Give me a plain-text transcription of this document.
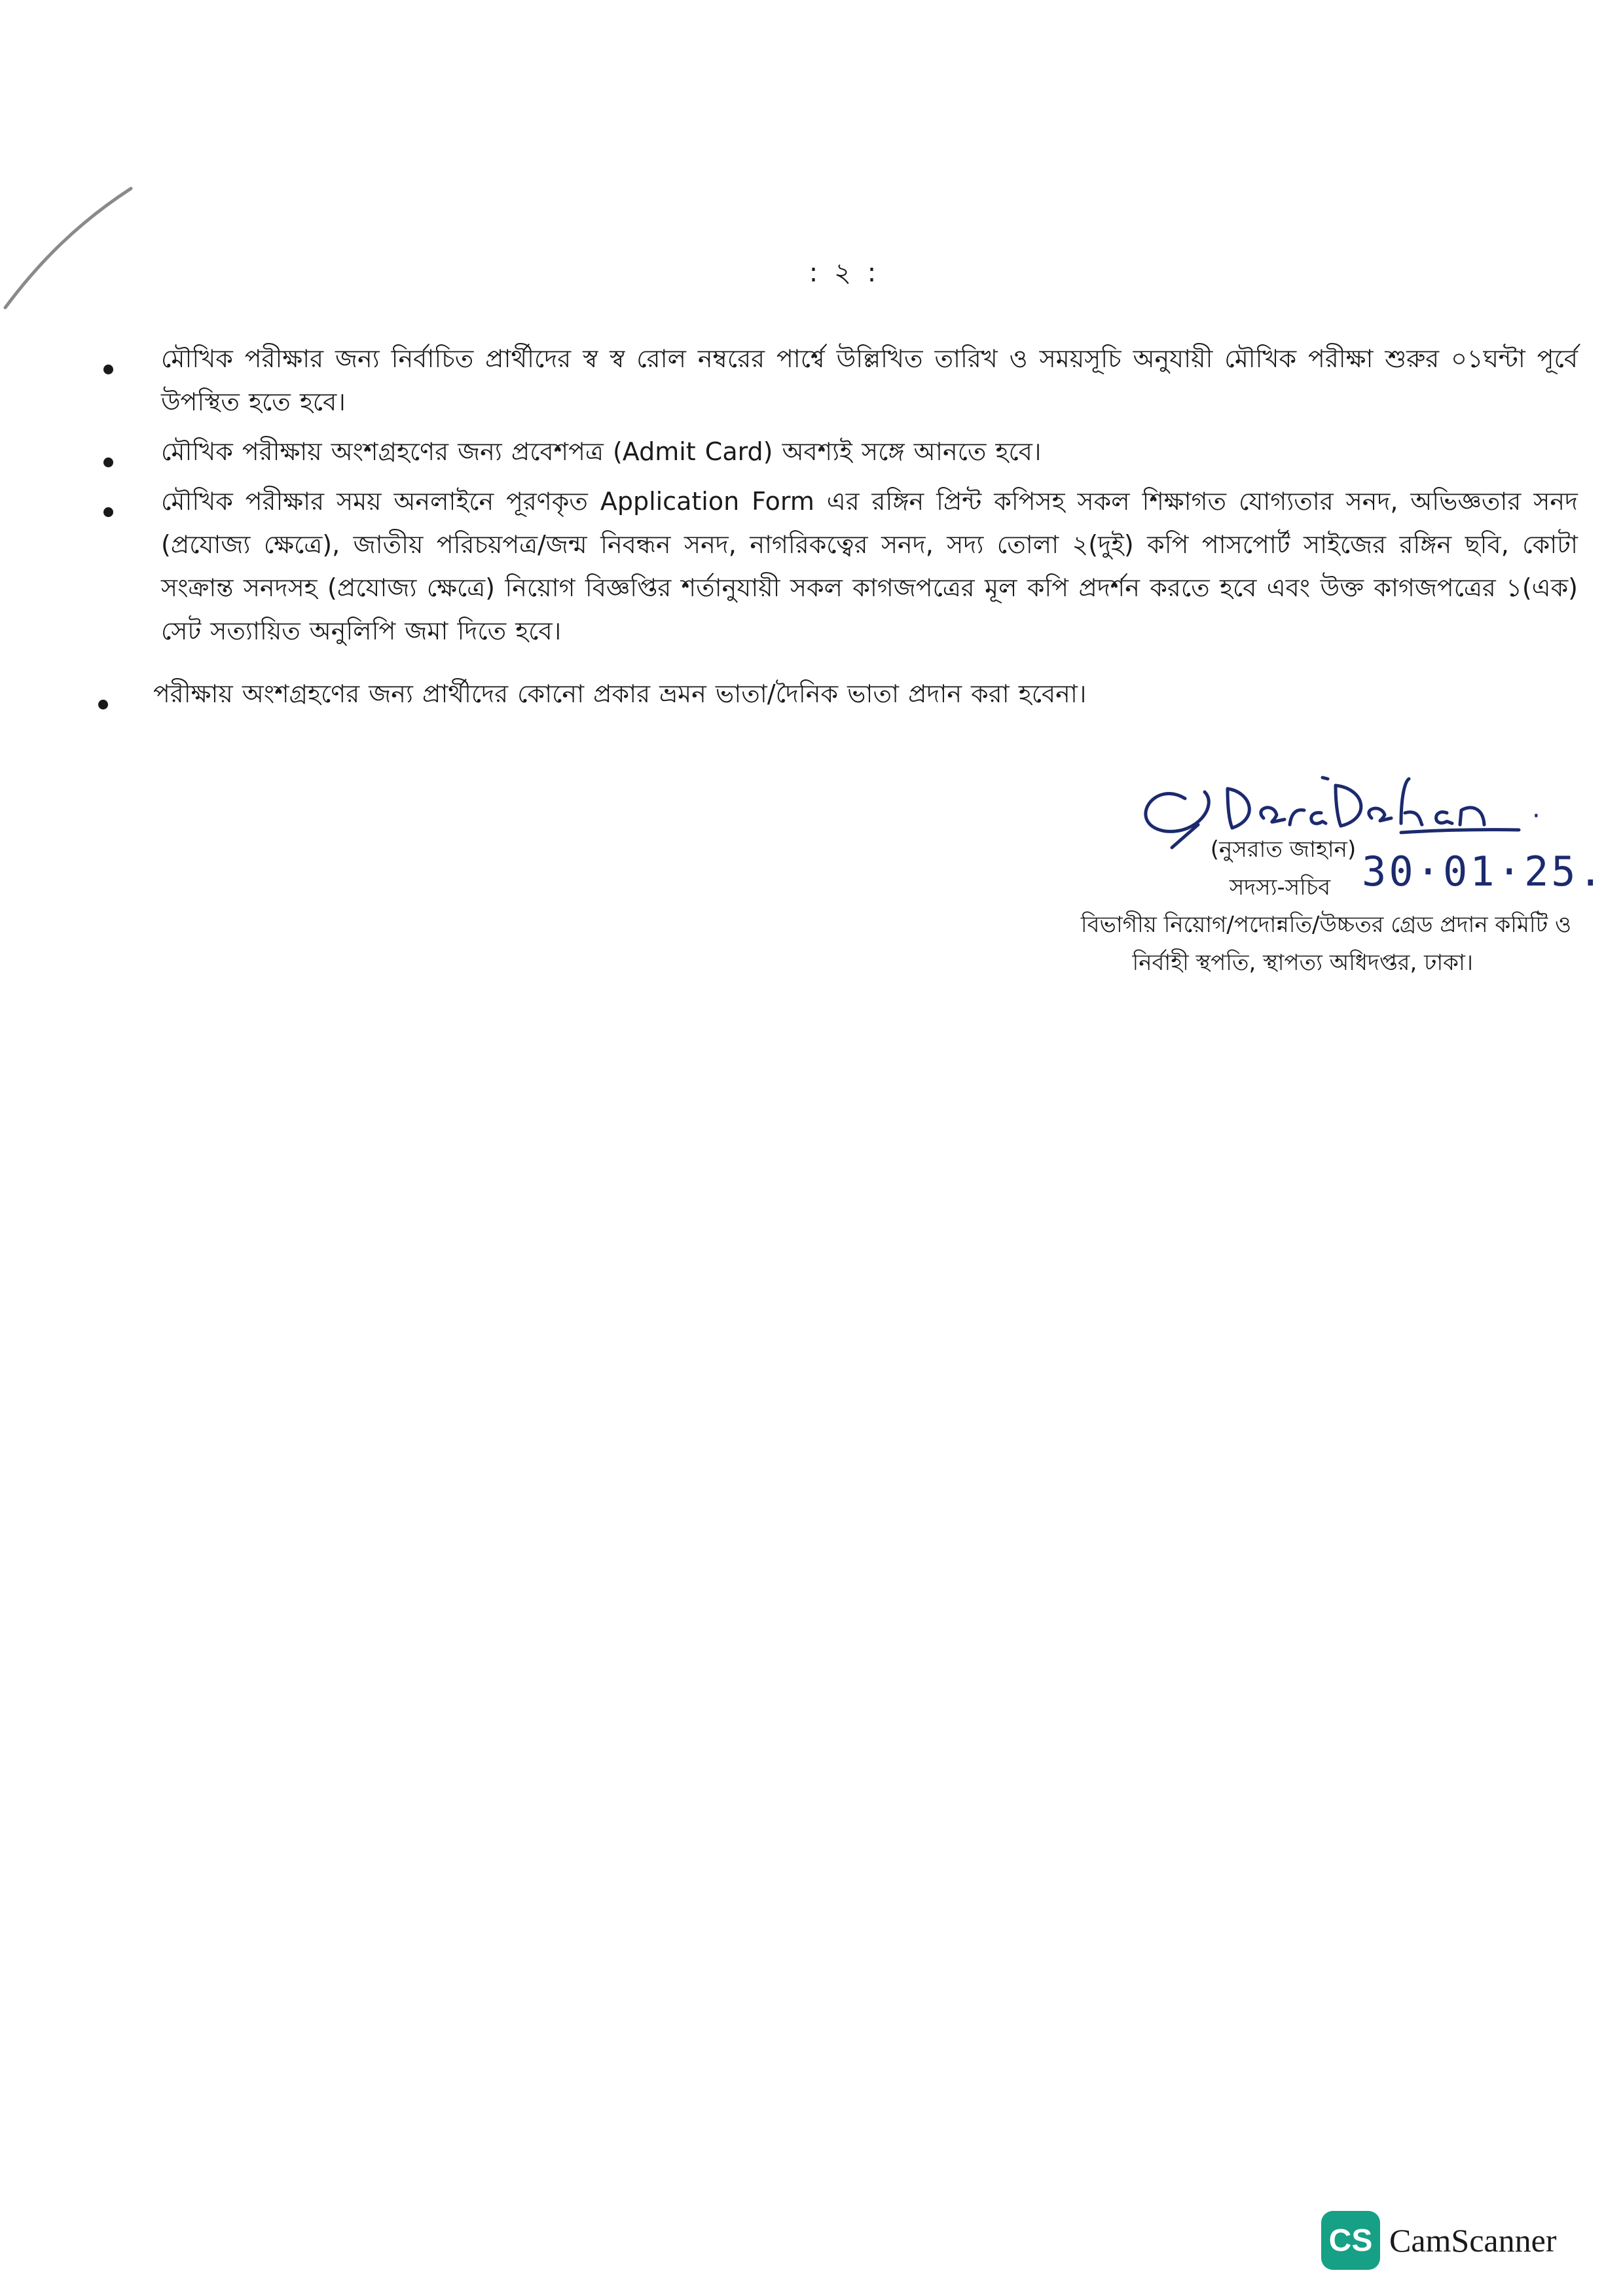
: ২ :

মৌখিক পরীক্ষার জন্য নির্বাচিত প্রার্থীদের স্ব স্ব রোল নম্বরের পার্শ্বে উল্লিখিত তারিখ ও সময়সূচি অনুযায়ী মৌখিক পরীক্ষা শুরুর ০১ঘন্টা পূর্বে উপস্থিত হতে হবে।

মৌখিক পরীক্ষায় অংশগ্রহণের জন্য প্রবেশপত্র (Admit Card) অবশ্যই সঙ্গে আনতে হবে।

মৌখিক পরীক্ষার সময় অনলাইনে পূরণকৃত Application Form এর রঙ্গিন প্রিন্ট কপিসহ সকল শিক্ষাগত যোগ্যতার সনদ, অভিজ্ঞতার সনদ (প্রযোজ্য ক্ষেত্রে), জাতীয় পরিচয়পত্র/জন্ম নিবন্ধন সনদ, নাগরিকত্বের সনদ, সদ্য তোলা ২(দুই) কপি পাসপোর্ট সাইজের রঙ্গিন ছবি, কোটা সংক্রান্ত সনদসহ (প্রযোজ্য ক্ষেত্রে) নিয়োগ বিজ্ঞপ্তির শর্তানুযায়ী সকল কাগজপত্রের মূল কপি প্রদর্শন করতে হবে এবং উক্ত কাগজপত্রের ১(এক) সেট সত্যায়িত অনুলিপি জমা দিতে হবে।

পরীক্ষায় অংশগ্রহণের জন্য প্রার্থীদের কোনো প্রকার ভ্রমন ভাতা/দৈনিক ভাতা প্রদান করা হবেনা।

·
(নুসরাত জাহান) 30·01·25.
সদস্য-সচিব
বিভাগীয় নিয়োগ/পদোন্নতি/উচ্চতর গ্রেড প্রদান কমিটি ও
নির্বাহী স্থপতি, স্থাপত্য অধিদপ্তর, ঢাকা।
CS CamScanner
